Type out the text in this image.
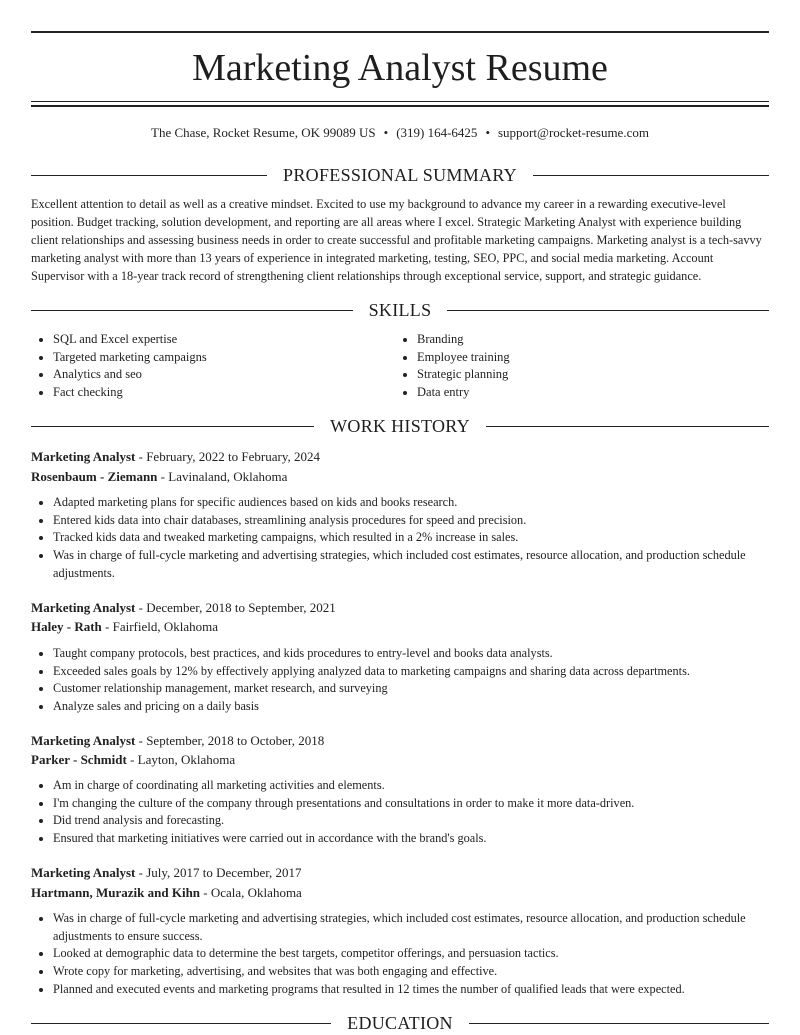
Marketing Analyst Resume
The Chase, Rocket Resume, OK 99089 US • (319) 164-6425 • support@rocket-resume.com
PROFESSIONAL SUMMARY

Excellent attention to detail as well as a creative mindset. Excited to use my background to advance my career in a rewarding executive-level position. Budget tracking, solution development, and reporting are all areas where I excel. Strategic Marketing Analyst with experience building client relationships and assessing business needs in order to create successful and profitable marketing campaigns. Marketing analyst is a tech-savvy marketing analyst with more than 13 years of experience in integrated marketing, testing, SEO, PPC, and social media marketing. Account Supervisor with a 18-year track record of strengthening client relationships through exceptional service, support, and strategic guidance.

SKILLS
• SQL and Excel expertise
• Targeted marketing campaigns
• Analytics and seo
• Fact checking
• Branding
• Employee training
• Strategic planning
• Data entry
WORK HISTORY
Marketing Analyst - February, 2022 to February, 2024
Rosenbaum - Ziemann - Lavinaland, Oklahoma
• Adapted marketing plans for specific audiences based on kids and books research.
• Entered kids data into chair databases, streamlining analysis procedures for speed and precision.
• Tracked kids data and tweaked marketing campaigns, which resulted in a 2% increase in sales.
• Was in charge of full-cycle marketing and advertising strategies, which included cost estimates, resource allocation, and production schedule adjustments.
Marketing Analyst - December, 2018 to September, 2021
Haley - Rath - Fairfield, Oklahoma
• Taught company protocols, best practices, and kids procedures to entry-level and books data analysts.
• Exceeded sales goals by 12% by effectively applying analyzed data to marketing campaigns and sharing data across departments.
• Customer relationship management, market research, and surveying
• Analyze sales and pricing on a daily basis
Marketing Analyst - September, 2018 to October, 2018
Parker - Schmidt - Layton, Oklahoma
• Am in charge of coordinating all marketing activities and elements.
• I'm changing the culture of the company through presentations and consultations in order to make it more data-driven.
• Did trend analysis and forecasting.
• Ensured that marketing initiatives were carried out in accordance with the brand's goals.
Marketing Analyst - July, 2017 to December, 2017
Hartmann, Murazik and Kihn - Ocala, Oklahoma
• Was in charge of full-cycle marketing and advertising strategies, which included cost estimates, resource allocation, and production schedule adjustments to ensure success.
• Looked at demographic data to determine the best targets, competitor offerings, and persuasion tactics.
• Wrote copy for marketing, advertising, and websites that was both engaging and effective.
• Planned and executed events and marketing programs that resulted in 12 times the number of qualified leads that were expected.
EDUCATION
